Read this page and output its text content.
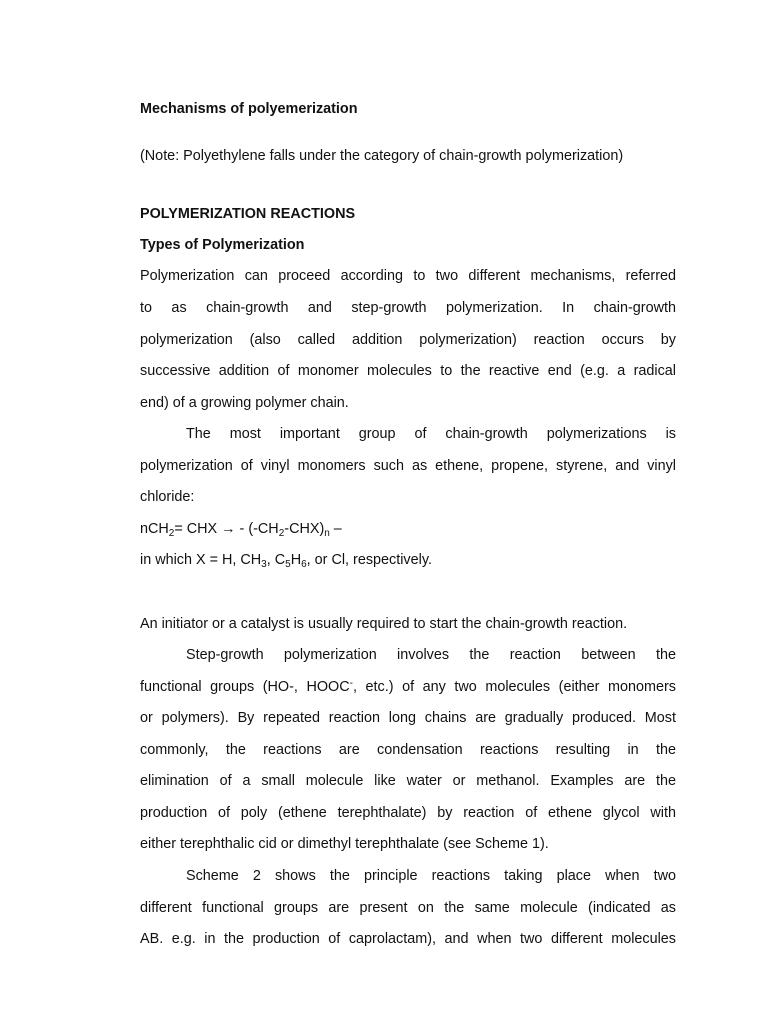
Mechanisms of polyemerization
(Note: Polyethylene falls under the category of chain-growth polymerization)
POLYMERIZATION REACTIONS
Types of Polymerization
Polymerization can proceed according to two different mechanisms, referred
to as chain-growth and step-growth polymerization. In chain-growth
polymerization (also called addition polymerization) reaction occurs by
successive addition of monomer molecules to the reactive end (e.g. a radical
end) of a growing polymer chain.
The most important group of chain-growth polymerizations is
polymerization of vinyl monomers such as ethene, propene, styrene, and vinyl
chloride:
nCH$_2$= CHX → - $(-CH_2-CHX)_n$ –
in which X = H, $CH_3$, $C_5H_6$, or Cl, respectively.
An initiator or a catalyst is usually required to start the chain-growth reaction.
Step-growth polymerization involves the reaction between the
functional groups (HO-, HOOC-, etc.) of any two molecules (either monomers
or polymers). By repeated reaction long chains are gradually produced. Most
commonly, the reactions are condensation reactions resulting in the
elimination of a small molecule like water or methanol. Examples are the
production of poly (ethene terephthalate) by reaction of ethene glycol with
either terephthalic cid or dimethyl terephthalate (see Scheme 1).
Scheme 2 shows the principle reactions taking place when two
different functional groups are present on the same molecule (indicated as
AB. e.g. in the production of caprolactam), and when two different molecules
